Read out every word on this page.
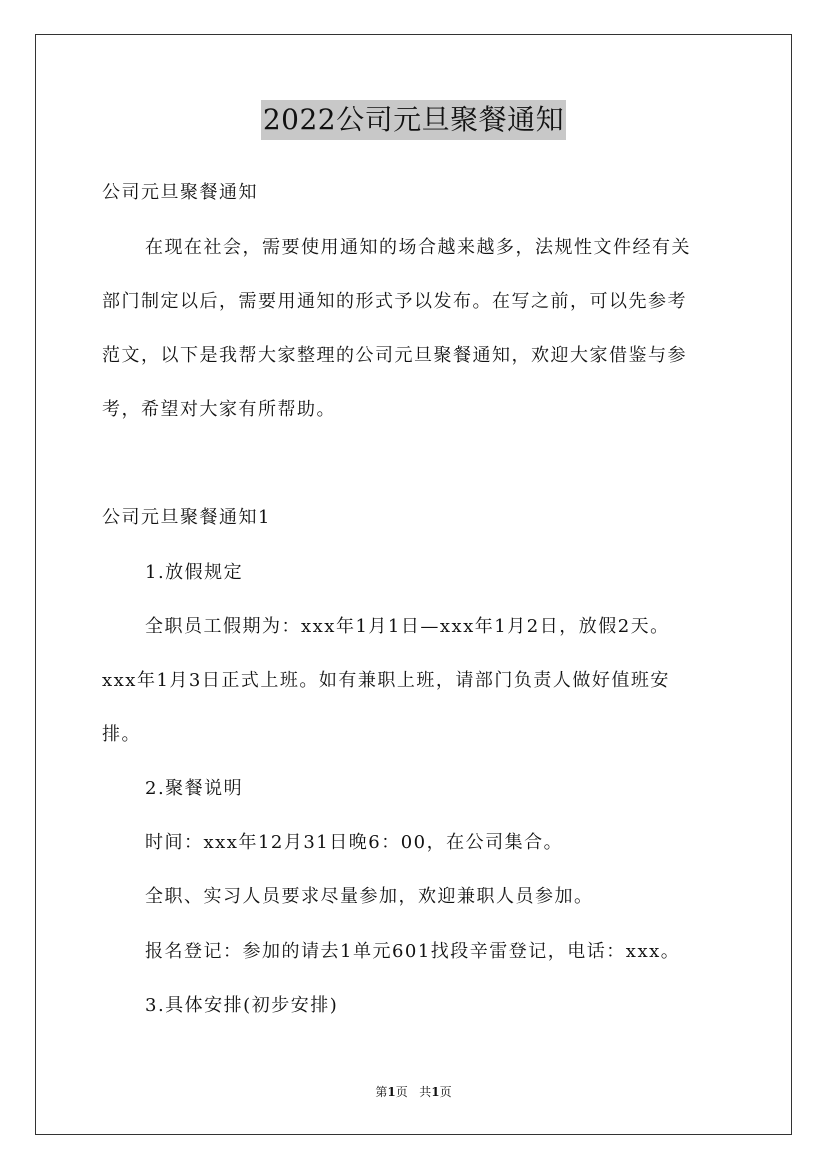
2022公司元旦聚餐通知
公司元旦聚餐通知
在现在社会，需要使用通知的场合越来越多，法规性文件经有关
部门制定以后，需要用通知的形式予以发布。在写之前，可以先参考
范文，以下是我帮大家整理的公司元旦聚餐通知，欢迎大家借鉴与参
考，希望对大家有所帮助。
公司元旦聚餐通知1
1.放假规定
全职员工假期为：xxx年1月1日—xxx年1月2日，放假2天。
xxx年1月3日正式上班。如有兼职上班，请部门负责人做好值班安
排。
2.聚餐说明
时间：xxx年12月31日晚6：00，在公司集合。
全职、实习人员要求尽量参加，欢迎兼职人员参加。
报名登记：参加的请去1单元601找段辛雷登记，电话：xxx。
3.具体安排(初步安排)
第1页 共1页
